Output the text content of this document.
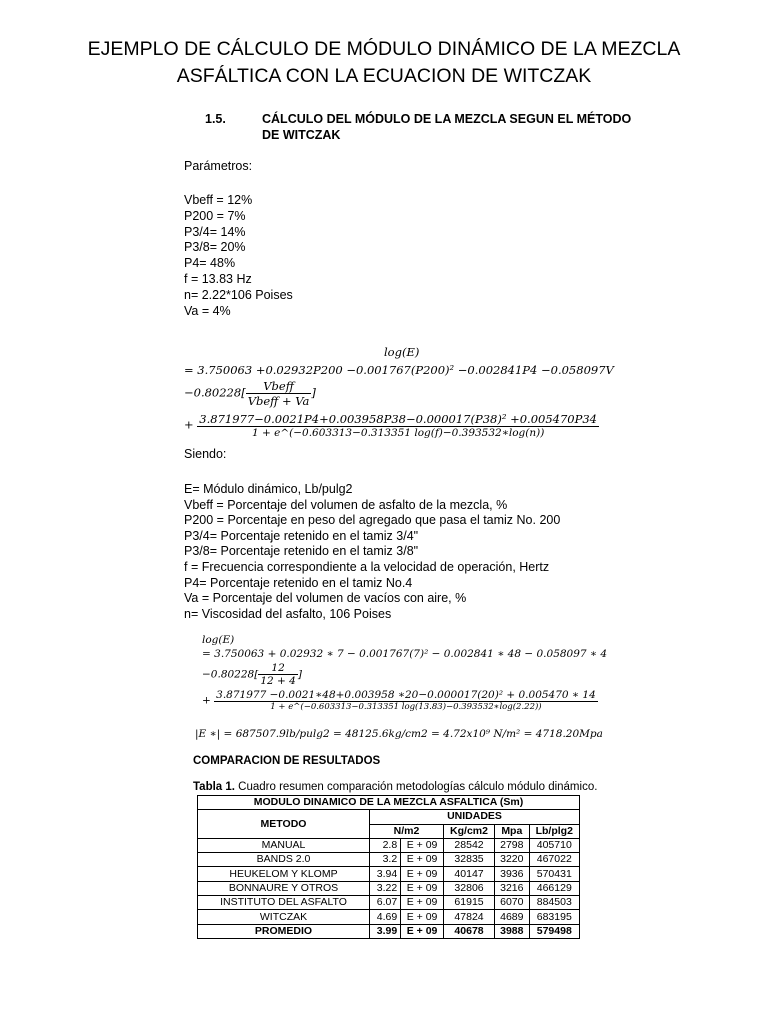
EJEMPLO DE CÁLCULO DE MÓDULO DINÁMICO DE LA MEZCLA
ASFÁLTICA CON LA ECUACION DE WITCZAK
1.5.	CÁLCULO DEL MÓDULO DE LA MEZCLA SEGUN EL MÉTODO DE WITCZAK
Parámetros:
Vbeff = 12%
P200 = 7%
P3/4= 14%
P3/8= 20%
P4= 48%
f = 13.83 Hz
n= 2.22*106 Poises
Va = 4%
log(E)
= 3.750063 +0.02932P200 −0.001767(P200)² −0.002841P4 −0.058097V
$-0.80228[ \frac{\text{Vbeff}}{\text{Vbeff + Va}}$ ]
+ $\frac{\text{3.871977−0.0021P4+0.003958P38−0.000017(P38)² +0.005470P34}}{1 + e\^{}(-0.603313-0.313351 \log(f)-0.393532∗\log(n))}$
Siendo:
E= Módulo dinámico, Lb/pulg2
Vbeff = Porcentaje del volumen de asfalto de la mezcla, %
P200 = Porcentaje en peso del agregado que pasa el tamiz No. 200
P3/4= Porcentaje retenido en el tamiz 3/4"
P3/8= Porcentaje retenido en el tamiz 3/8"
f = Frecuencia correspondiente a la velocidad de operación, Hertz
P4= Porcentaje retenido en el tamiz No.4
Va = Porcentaje del volumen de vacíos con aire, %
n= Viscosidad del asfalto, 106 Poises
log(E)
= 3.750063 + 0.02932 ∗ 7 − 0.001767(7)² − 0.002841 ∗ 48 − 0.058097 ∗ 4
$-0.80228[ \frac{12}{12 + 4}$ ]
+ 3.871977 −0.0021∗48+0.003958 ∗20−0.000017(20)² + 0.005470 ∗ 14
1 + e^(−0.603313−0.313351 log(13.83)−0.393532∗log(2.22))
|E ∗| = 687507.9lb/pulg2 = 48125.6kg/cm2 = 4.72x10⁹ N/m² = 4718.20Mpa
COMPARACION DE RESULTADOS
Tabla 1. Cuadro resumen comparación metodologías cálculo módulo dinámico.
MODULO DINAMICO DE LA MEZCLA ASFALTICA (Sm)					
METODO	UNIDADES				
	N/m2		Kg/cm2	Mpa	Lb/plg2
MANUAL	2.8	E + 09	28542	2798	405710
BANDS 2.0	3.2	E + 09	32835	3220	467022
HEUKELOM Y KLOMP	3.94	E + 09	40147	3936	570431
BONNAURE Y OTROS	3.22	E + 09	32806	3216	466129
INSTITUTO DEL ASFALTO	6.07	E + 09	61915	6070	884503
WITCZAK	4.69	E + 09	47824	4689	683195
PROMEDIO	3.99	E + 09	40678	3988	579498
